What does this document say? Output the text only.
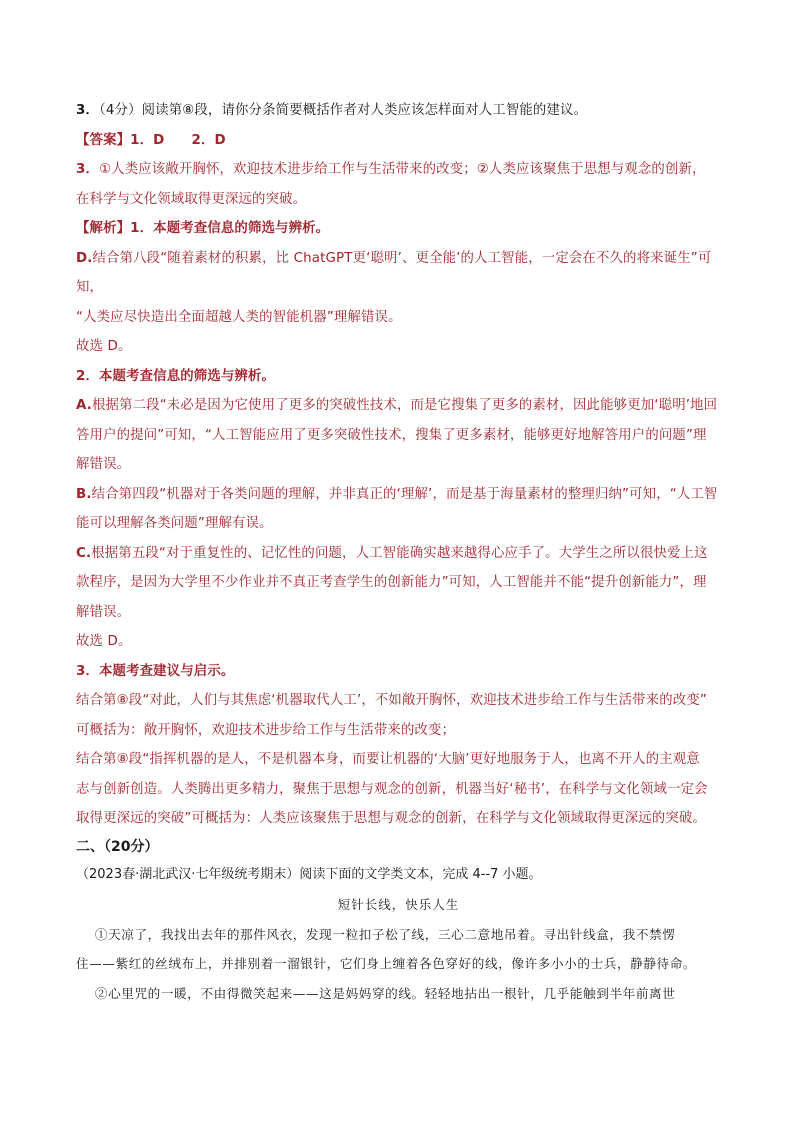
3．（4分）阅读第⑧段，请你分条简要概括作者对人类应该怎样面对人工智能的建议。

【答案】1．D　　2．D

3．①人类应该敞开胸怀，欢迎技术进步给工作与生活带来的改变；②人类应该聚焦于思想与观念的创新，

在科学与文化领域取得更深远的突破。

【解析】1．本题考查信息的筛选与辨析。

D.结合第八段“随着素材的积累，比 ChatGPT更‘聪明’、更全能’的人工智能，一定会在不久的将来诞生”可知，

“人类应尽快造出全面超越人类的智能机器”理解错误。

故选 D。

2．本题考查信息的筛选与辨析。

A.根据第二段“未必是因为它使用了更多的突破性技术，而是它搜集了更多的素材，因此能够更加‘聪明’地回

答用户的提问”可知，“人工智能应用了更多突破性技术，搜集了更多素材，能够更好地解答用户的问题”理

解错误。

B.结合第四段“机器对于各类问题的理解，并非真正的‘理解’，而是基于海量素材的整理归纳”可知，“人工智

能可以理解各类问题”理解有误。

C.根据第五段“对于重复性的、记忆性的问题，人工智能确实越来越得心应手了。大学生之所以很快爱上这

款程序，是因为大学里不少作业并不真正考查学生的创新能力”可知，人工智能并不能“提升创新能力”，理

解错误。

故选 D。

3．本题考查建议与启示。

结合第⑧段“对此，人们与其焦虑‘机器取代人工’，不如敞开胸怀，欢迎技术进步给工作与生活带来的改变”

可概括为：敞开胸怀，欢迎技术进步给工作与生活带来的改变；

结合第⑧段“指挥机器的是人，不是机器本身，而要让机器的‘大脑’更好地服务于人，也离不开人的主观意

志与创新创造。人类腾出更多精力，聚焦于思想与观念的创新，机器当好‘秘书’，在科学与文化领域一定会

取得更深远的突破”可概括为：人类应该聚焦于思想与观念的创新，在科学与文化领域取得更深远的突破。

二、（20分）

（2023春·湖北武汉·七年级统考期末）阅读下面的文学类文本，完成 4--7 小题。

短针长线，快乐人生

①天凉了，我找出去年的那件风衣，发现一粒扣子松了线，三心二意地吊着。寻出针线盒，我不禁愣

住——紫红的丝绒布上，并排别着一溜银针，它们身上缠着各色穿好的线，像许多小小的士兵，静静待命。

②心里咒的一暖，不由得微笑起来——这是妈妈穿的线。轻轻地拈出一根针，几乎能触到半年前离世
